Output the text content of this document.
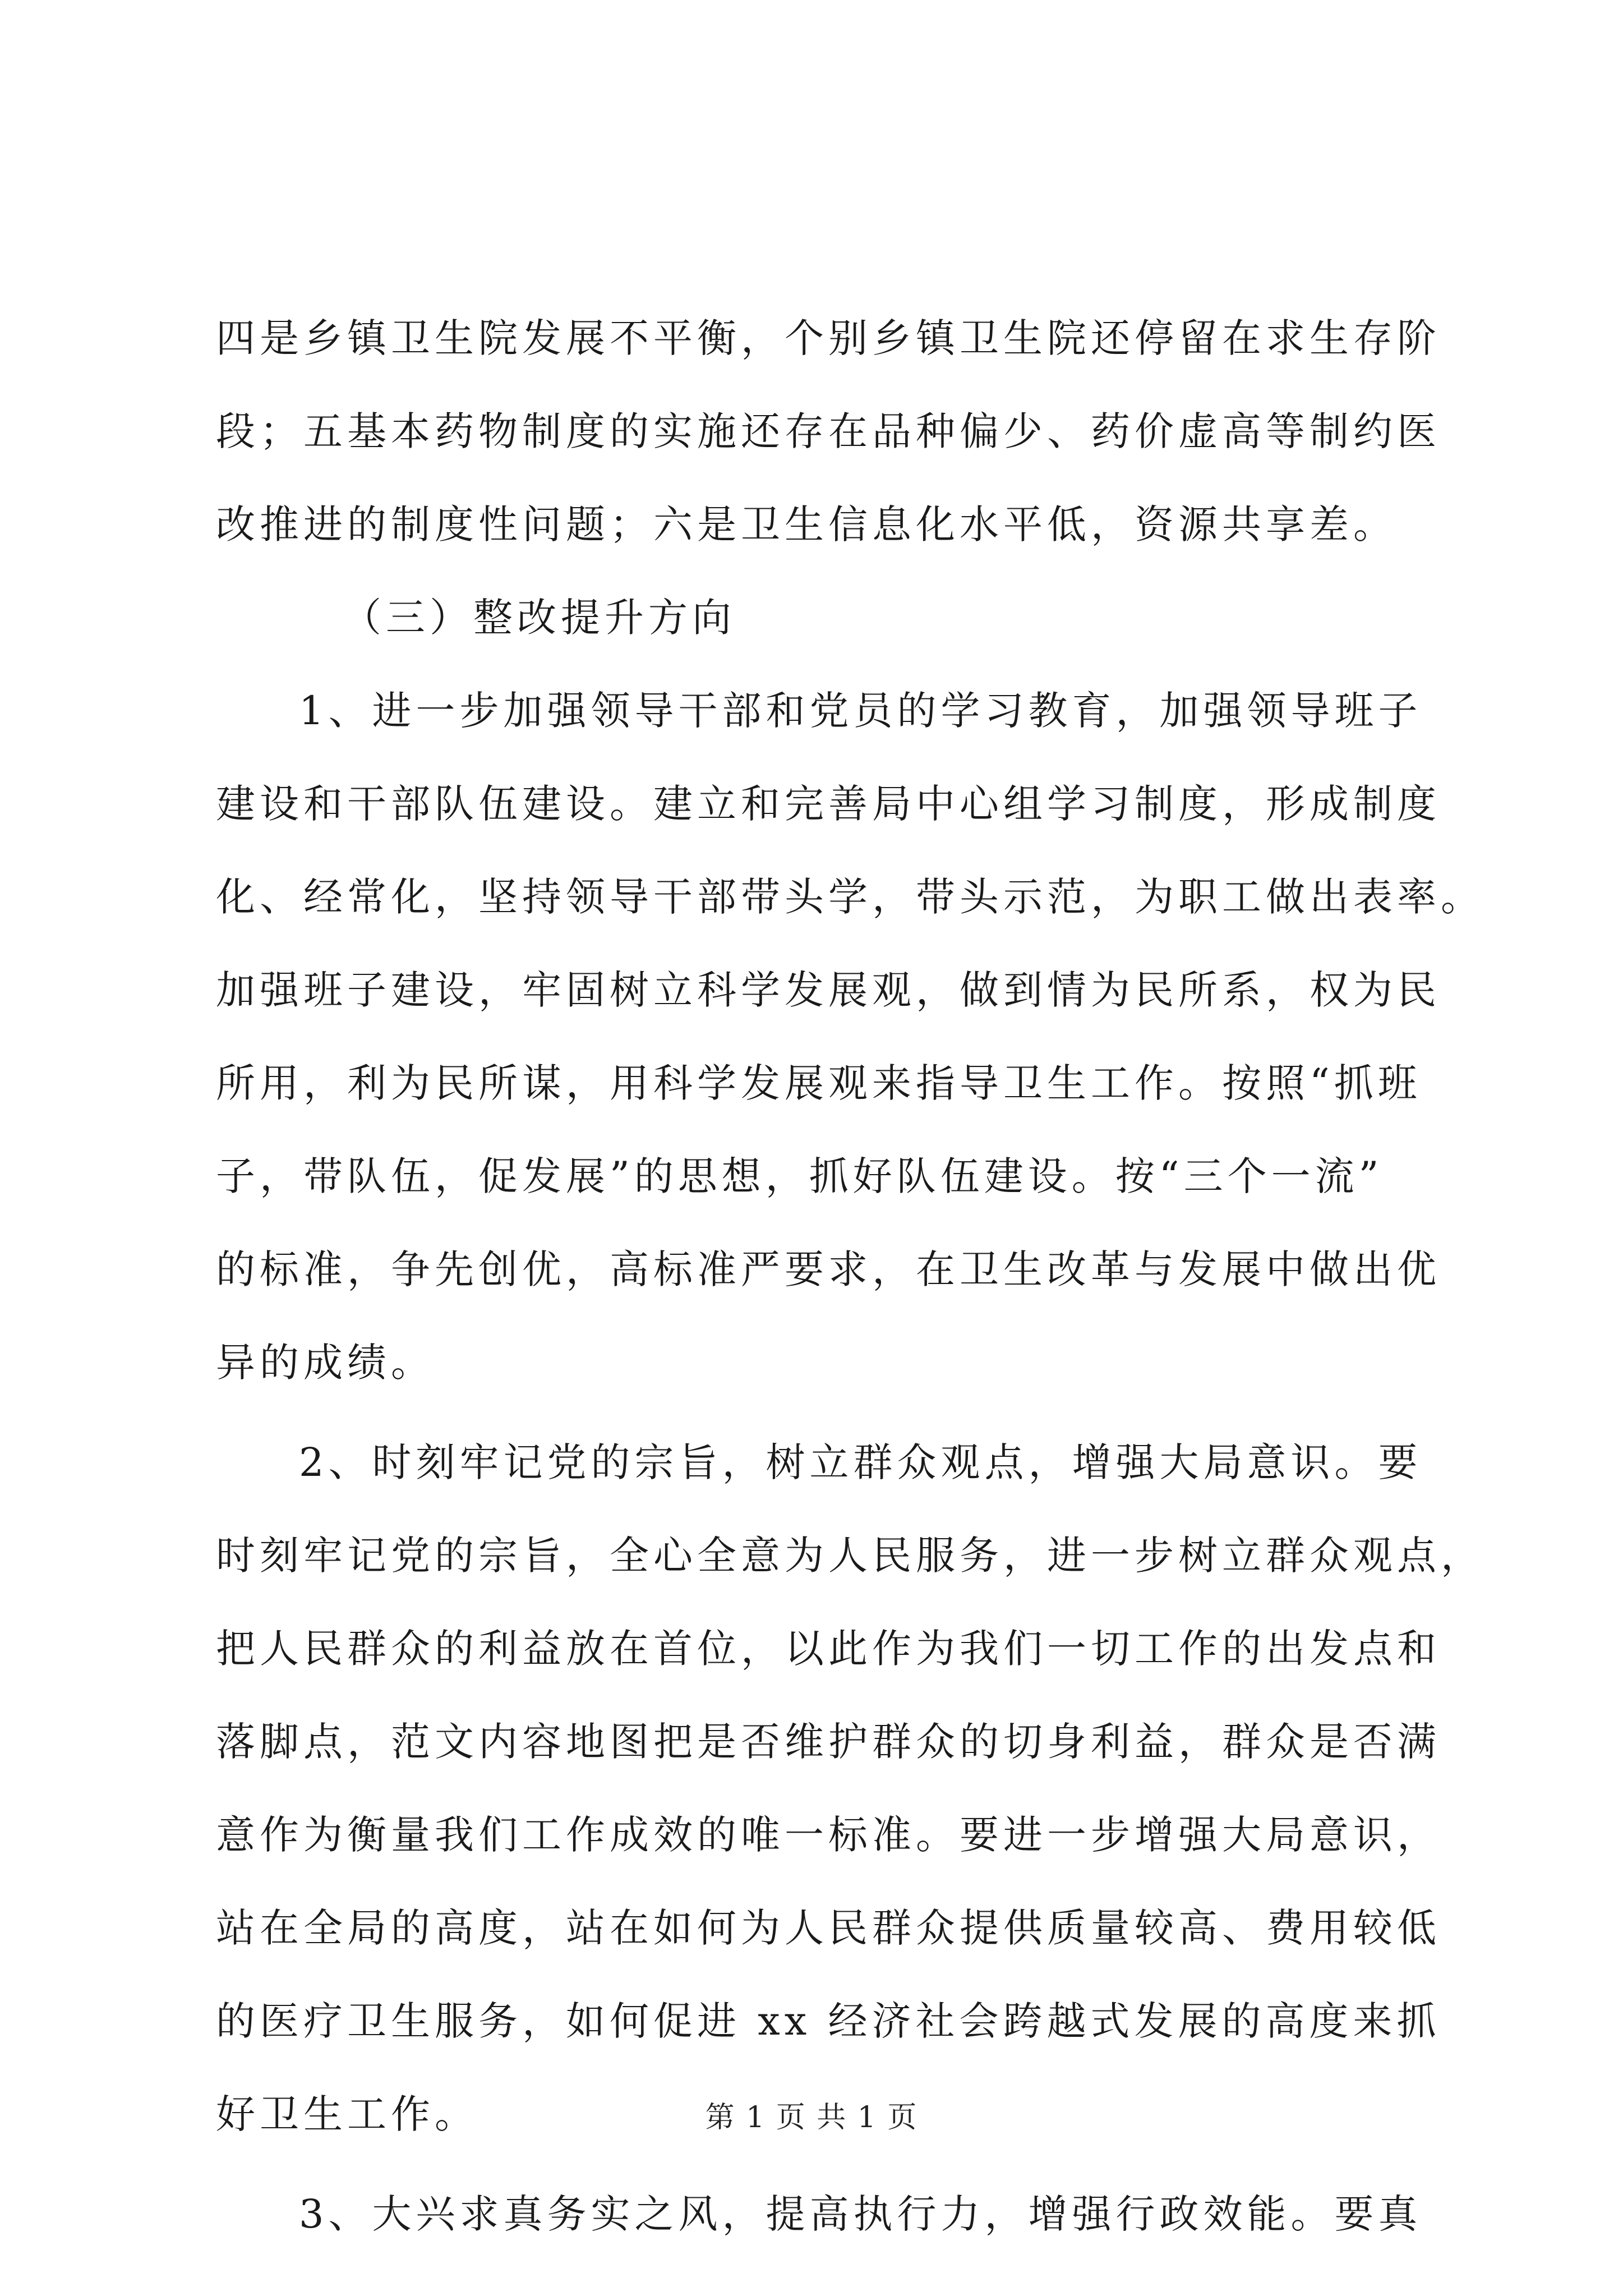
四是乡镇卫生院发展不平衡，个别乡镇卫生院还停留在求生存阶
段；五基本药物制度的实施还存在品种偏少、药价虚高等制约医
改推进的制度性问题；六是卫生信息化水平低，资源共享差。
（三）整改提升方向
1、进一步加强领导干部和党员的学习教育，加强领导班子
建设和干部队伍建设。建立和完善局中心组学习制度，形成制度
化、经常化，坚持领导干部带头学，带头示范，为职工做出表率。
加强班子建设，牢固树立科学发展观，做到情为民所系，权为民
所用，利为民所谋，用科学发展观来指导卫生工作。按照“抓班
子，带队伍，促发展”的思想，抓好队伍建设。按“三个一流”
的标准，争先创优，高标准严要求，在卫生改革与发展中做出优
异的成绩。
2、时刻牢记党的宗旨，树立群众观点，增强大局意识。要
时刻牢记党的宗旨，全心全意为人民服务，进一步树立群众观点，
把人民群众的利益放在首位，以此作为我们一切工作的出发点和
落脚点，范文内容地图把是否维护群众的切身利益，群众是否满
意作为衡量我们工作成效的唯一标准。要进一步增强大局意识，
站在全局的高度，站在如何为人民群众提供质量较高、费用较低
的医疗卫生服务，如何促进 xx 经济社会跨越式发展的高度来抓
好卫生工作。
3、大兴求真务实之风，提高执行力，增强行政效能。要真
第 1 页 共 1 页
